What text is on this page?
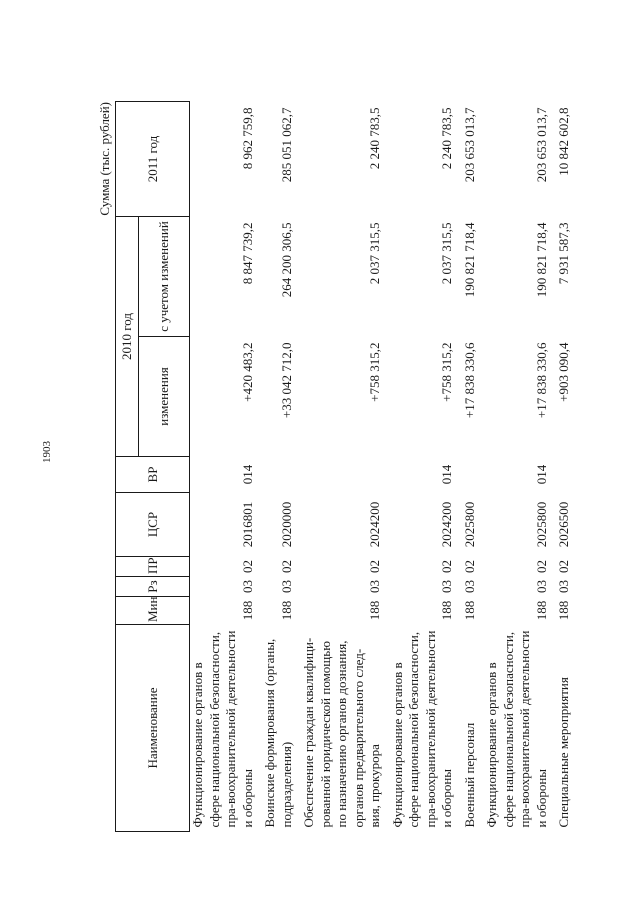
1903
Сумма (тыс. рублей)
Наименование	Мин	Рз	ПР	ЦСР	ВР	2010 год		2011 год
						изменения	с учетом изменений	
Функционирование органов в сфере национальной безопасности, пра-воохранительной деятельности и обороны	188	03	02	2016801	014	+420 483,2	8 847 739,2	8 962 759,8
Воинские формирования (органы, подразделения)	188	03	02	2020000		+33 042 712,0	264 200 306,5	285 051 062,7
Обеспечение граждан квалифици-рованной юридической помощью по назначению органов дознания, органов предварительного след-вия, прокурора	188	03	02	2024200		+758 315,2	2 037 315,5	2 240 783,5
Функционирование органов в сфере национальной безопасности, пра-воохранительной деятельности и обороны	188	03	02	2024200	014	+758 315,2	2 037 315,5	2 240 783,5
Военный персонал	188	03	02	2025800		+17 838 330,6	190 821 718,4	203 653 013,7
Функционирование органов в сфере национальной безопасности, пра-воохранительной деятельности и обороны	188	03	02	2025800	014	+17 838 330,6	190 821 718,4	203 653 013,7
Специальные мероприятия	188	03	02	2026500		+903 090,4	7 931 587,3	10 842 602,8
